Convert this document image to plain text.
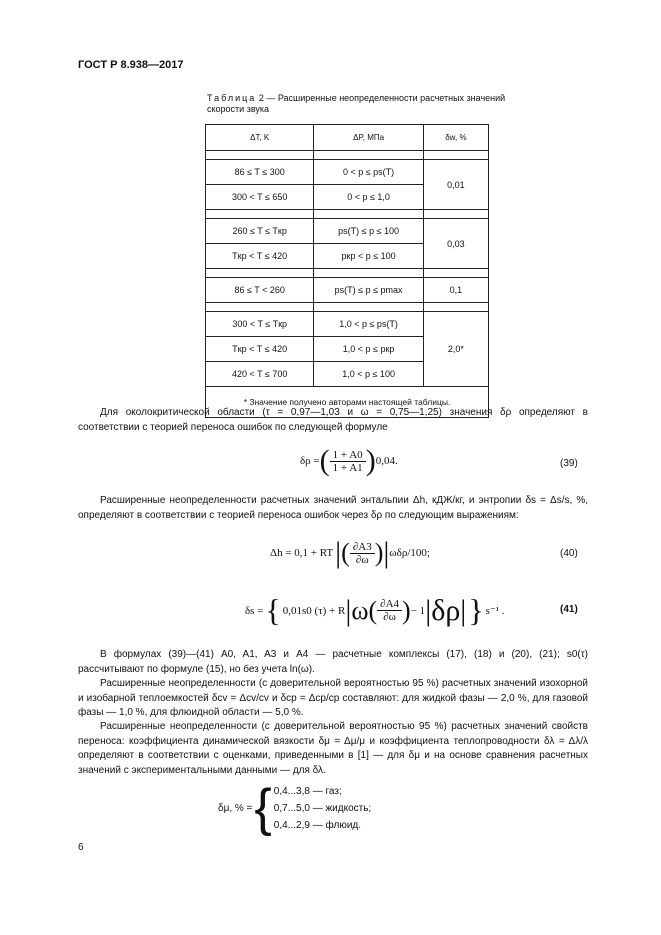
ГОСТ Р 8.938—2017
Таблица 2 — Расширенные неопределенности расчетных значений скорости звука
ΔT, K	ΔP, МПа	δw, %

86 ≤ T ≤ 300	0 < p ≤ ps(T)	0,01
300 < T ≤ 650	0 < p ≤ 1,0	

260 ≤ T ≤ Tкр	ps(T) ≤ p ≤ 100	0,03
Tкр < T ≤ 420	pкр < p ≤ 100	

86 ≤ T < 260	ps(T) ≤ p ≤ pmax	0,1

300 < T ≤ Tкр	1,0 < p ≤ ps(T)	2,0*
Tкр < T ≤ 420	1,0 < p ≤ pкр	
420 < T ≤ 700	1,0 < p ≤ 100	
* Значение получено авторами настоящей таблицы.		
Для околокритической области (τ = 0,97—1,03 и ω = 0,75—1,25) значения δρ определяют в соответствии с теорией переноса ошибок по следующей формуле
δρ = ( $\frac{1 + A0}{1 + A1}$ ) 0,04.	(39)
Расширенные неопределенности расчетных значений энтальпии Δh, кДЖ/кг, и энтропии δs = Δs/s, %, определяют в соответствии с теорией переноса ошибок через δρ по следующим выражениям:
Δh = 0,1 + RT | ( $\frac{\partial A3}{\partial\omega}$ ) | ωδρ/100;	(40)
δs = { 0,01s0 (τ) + R | $\omega( \frac{\partial A4}{\partial\omega}$ ) − 1 |δρ| } s⁻¹ .	(41)
В формулах (39)—(41) A0, A1, A3 и A4 — расчетные комплексы (17), (18) и (20), (21); s0(τ) рассчитывают по формуле (15), но без учета ln(ω).
Расширенные неопределенности (с доверительной вероятностью 95 %) расчетных значений изохорной и изобарной теплоемкостей δcv = Δcv/cv и δcp = Δcp/cp составляют: для жидкой фазы — 2,0 %, для газовой фазы — 1,0 %, для флюидной области — 5,0 %.
Расширенные неопределенности (с доверительной вероятностью 95 %) расчетных значений свойств переноса: коэффициента динамической вязкости δμ = Δμ/μ и коэффициента теплопроводности δλ = Δλ/λ определяют в соответствии с оценками, приведенными в [1] — для δμ и на основе сравнения расчетных значений с экспериментальными данными — для δλ.
δμ, % = { 0,4...3,8 — газ;
0,7...5,0 — жидкость;
0,4...2,9 — флюид.
6
